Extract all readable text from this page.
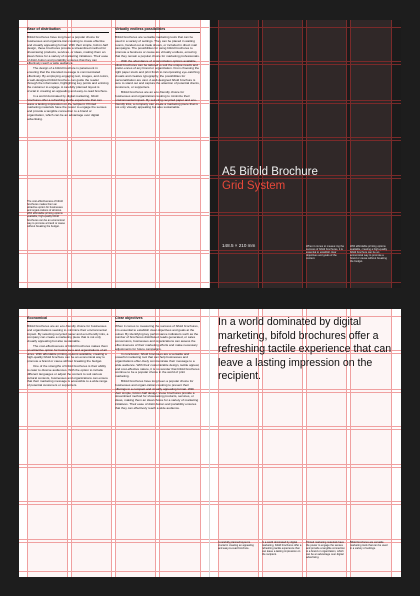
Ease of distribution

Bifold brochures have long been a popular choice for businesses and organiza-tions looking to create effective and visually appealing format. With their simple, fold-in-half design, these brochures provide a streamlined method for showcasing products, services, or ideas, making them an ideal choice for a variety of marketing initiatives. Their ease of distri-bution and portability ensures that they can effectively reach a wide audience.

The design of a bifold brochure is paramount in ensuring that the intended message is communicated effectively. By employing engaging text, images, and colors, a well-designed bifold brochure can guide the reader through the information, highlighting key points and enticing the customer to engage. A carefully planned layout is crucial in creating an appealing and easy-to-read brochure.

In a world dominated by digital marketing, bifold brochures offer a refreshing tactile experience that can leave a lasting impression on the recipient. Printed marketing materials have the power to engage the senses and provide a tangible connection to a brand or organization, which can be an advantage over digital advertising.

The cost-effectiveness of bifold brochures makes them an attractive option for businesses and organi-zations of all sizes. With affordable printing options available, high-quality bifold brochures can be an economical way to promote a brand or cause without breaking the budget.
Virtually endless possibilities

Bifold brochures are versatile marketing tools that can be used in a variety of settings. They can be placed in waiting rooms, handed out at trade shows, or included in direct mail campaigns. The possibilities for using bifold brochures to promote a business or cause are virtually endless, ensuring that they remain a popular choice for marketing professionals.

With the abundance of customization options available, bifold brochures can be tailored to suit the unique needs and prefer-ences of any brand or organization. From choosing the right paper stock and print finish to incorporating eye-catching visuals and creative typography, the possibilities for personalization are vast. A well-designed bifold brochure is sure to stand out and capture the attention of potential clients, customers, or supporters.

Bifold brochures are an eco-friendly choice for businesses and organizations looking to minimize their environmental impact. By selecting recycled paper and eco-friendly inks, a company can create a marketing piece that is not only visually appealing but also sustainable.

A5 Bifold Brochure
Grid System
148.5 × 210 mm	When it comes to measur-ing the success of bifold brochures, it is essential to establish clear objectives and goals of the content.
With affordable printing options available, creating a high-quality bifold brochure can be an economical way to promote a brand or cause without breaking the budget.
Economical

Bifold brochures are an eco-friendly choice for businesses and organizations seeking to minimize their environmental impact. By selecting recycled paper and eco-friendly inks, a company can create a marketing piece that is not only visually appealing but also sustainable.

The cost-effectiveness of bifold brochures makes them an attractive option for businesses and organizations of all sizes. With affordable printing options available, creating a high-quality bifold brochure can be an economical way to promote a brand or cause without breaking the budget.

One of the strengths of bifold brochures is their ability to cater to diverse audiences. With the option to include different languages or adjust the content to suit various cultural contexts, businesses and organizations can ensure that their marketing message is accessible to a wide range of potential customers or supporters.

Clear objectives

When it comes to measuring the success of bifold brochures, it is essential to establish clear objectives and goals at the outset. By identifying key performance indicators such as the number of brochures distributed, leads generated, or sales conversions, businesses and organizations can assess the effec-tiveness of their marketing efforts and make necessary adjustments for future campaigns.

In conclusion, bifold brochures are a versatile and powerful marketing tool that can help businesses and organizations effec-tively communicate their message to a wide audience. With their customizable design, tactile appeal, and cost-effective nature, it is no wonder that bifold brochures continue to be a popular choice in the world of print marketing.

Bifold brochures have long been a popular choice for businesses and organi-zations looking to present their offerings in a compact and visually appealing format. With their simple, fold-in-half design, these brochures provide a streamlined method for showcasing products, services, or ideas, making them an ideal choice for a variety of marketing initiatives. Their ease of distri-bution and portability ensures that they can effectively reach a wide audience.

In a world dominated by digital marketing, bifold brochures offer a refreshing tactile experience that can leave a lasting impression on the recipient.
A carefully planned layout is crucial in creating an appealing and easy-to-read brochure.
In a world dominated by digital marketing, bifold brochures offer a refreshing tactile experience that can leave a lasting impression on the recipient.
Printed marketing materials have the power to engage the senses and provide a tangible connection to a brand or organization, which can be an advantage over digital advertising.
Bifold brochures are versatile marketing tools that can be used in a variety of settings.
